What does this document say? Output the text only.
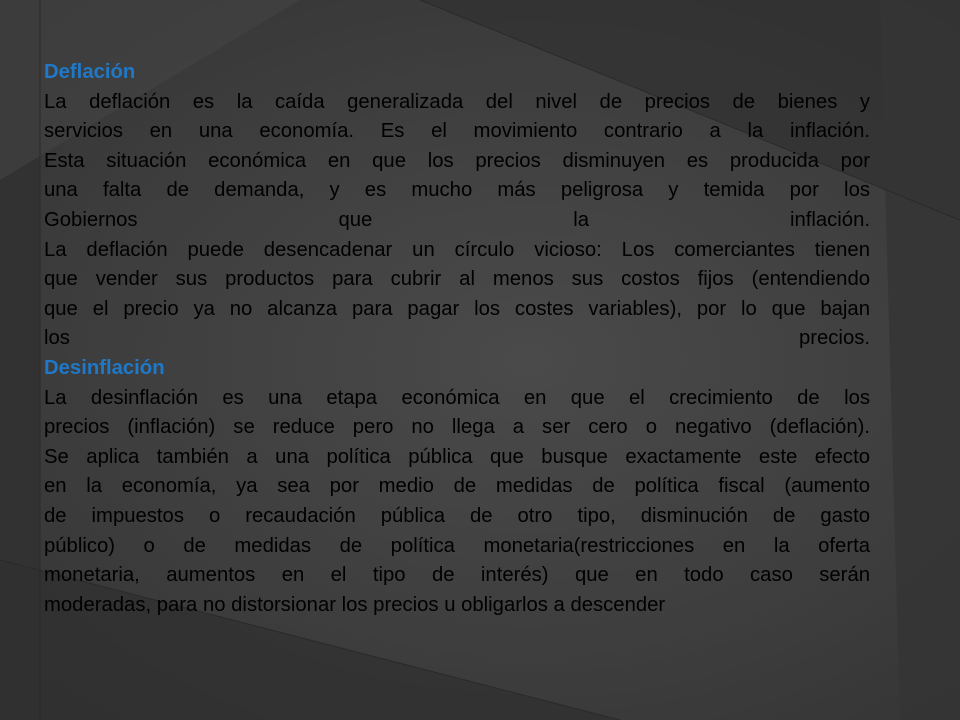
Deflación
La deflación es la caída generalizada del nivel de precios de bienes y
servicios en una economía. Es el movimiento contrario a la inflación.
Esta situación económica en que los precios disminuyen es producida por
una falta de demanda, y es mucho más peligrosa y temida por los
Gobiernos que la inflación.
La deflación puede desencadenar un círculo vicioso: Los comerciantes tienen
que vender sus productos para cubrir al menos sus costos fijos (entendiendo
que el precio ya no alcanza para pagar los costes variables), por lo que bajan
los precios.
Desinflación
La desinflación es una etapa económica en que el crecimiento de los
precios (inflación) se reduce pero no llega a ser cero o negativo (deflación).
Se aplica también a una política pública que busque exactamente este efecto
en la economía, ya sea por medio de medidas de política fiscal (aumento
de impuestos o recaudación pública de otro tipo, disminución de gasto
público) o de medidas de política monetaria(restricciones en la oferta
monetaria, aumentos en el tipo de interés) que en todo caso serán
moderadas, para no distorsionar los precios u obligarlos a descender
